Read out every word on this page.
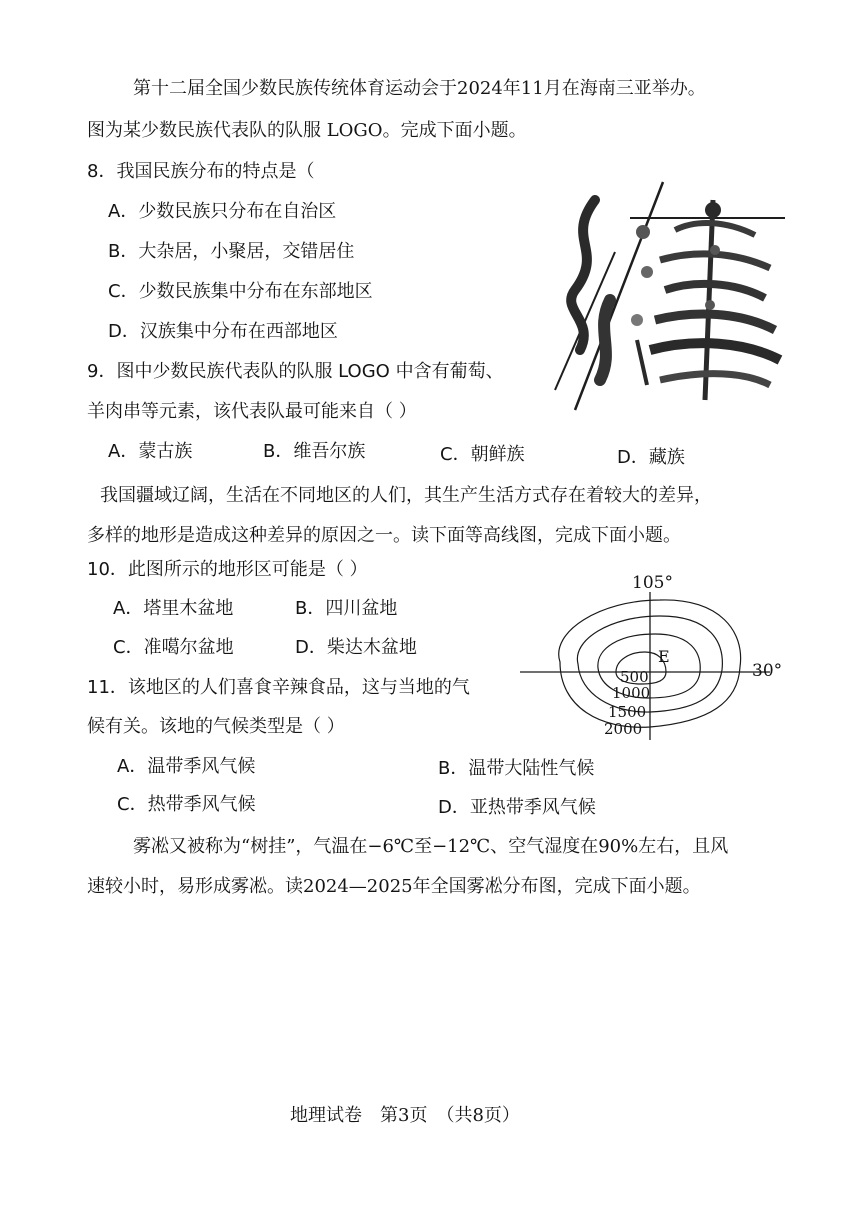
第十二届全国少数民族传统体育运动会于2024年11月在海南三亚举办。
图为某少数民族代表队的队服 LOGO。完成下面小题。
8．我国民族分布的特点是（
A．少数民族只分布在自治区
B．大杂居，小聚居，交错居住
C．少数民族集中分布在东部地区
D．汉族集中分布在西部地区
9．图中少数民族代表队的队服 LOGO 中含有葡萄、
羊肉串等元素，该代表队最可能来自（ ）
A．蒙古族	B．维吾尔族	C．朝鲜族	D．藏族
我国疆域辽阔，生活在不同地区的人们，其生产生活方式存在着较大的差异，
多样的地形是造成这种差异的原因之一。读下面等高线图，完成下面小题。
10．此图所示的地形区可能是（ ）
A．塔里木盆地	B．四川盆地
C．准噶尔盆地	D．柴达木盆地
105°
30°
E
500
1000
1500
2000
11．该地区的人们喜食辛辣食品，这与当地的气
候有关。该地的气候类型是（ ）
A．温带季风气候	B．温带大陆性气候
C．热带季风气候	D．亚热带季风气候
雾凇又被称为“树挂”，气温在−6℃至−12℃、空气湿度在90%左右，且风
速较小时，易形成雾凇。读2024—2025年全国雾凇分布图，完成下面小题。
地理试卷　第3页　（共8页）
